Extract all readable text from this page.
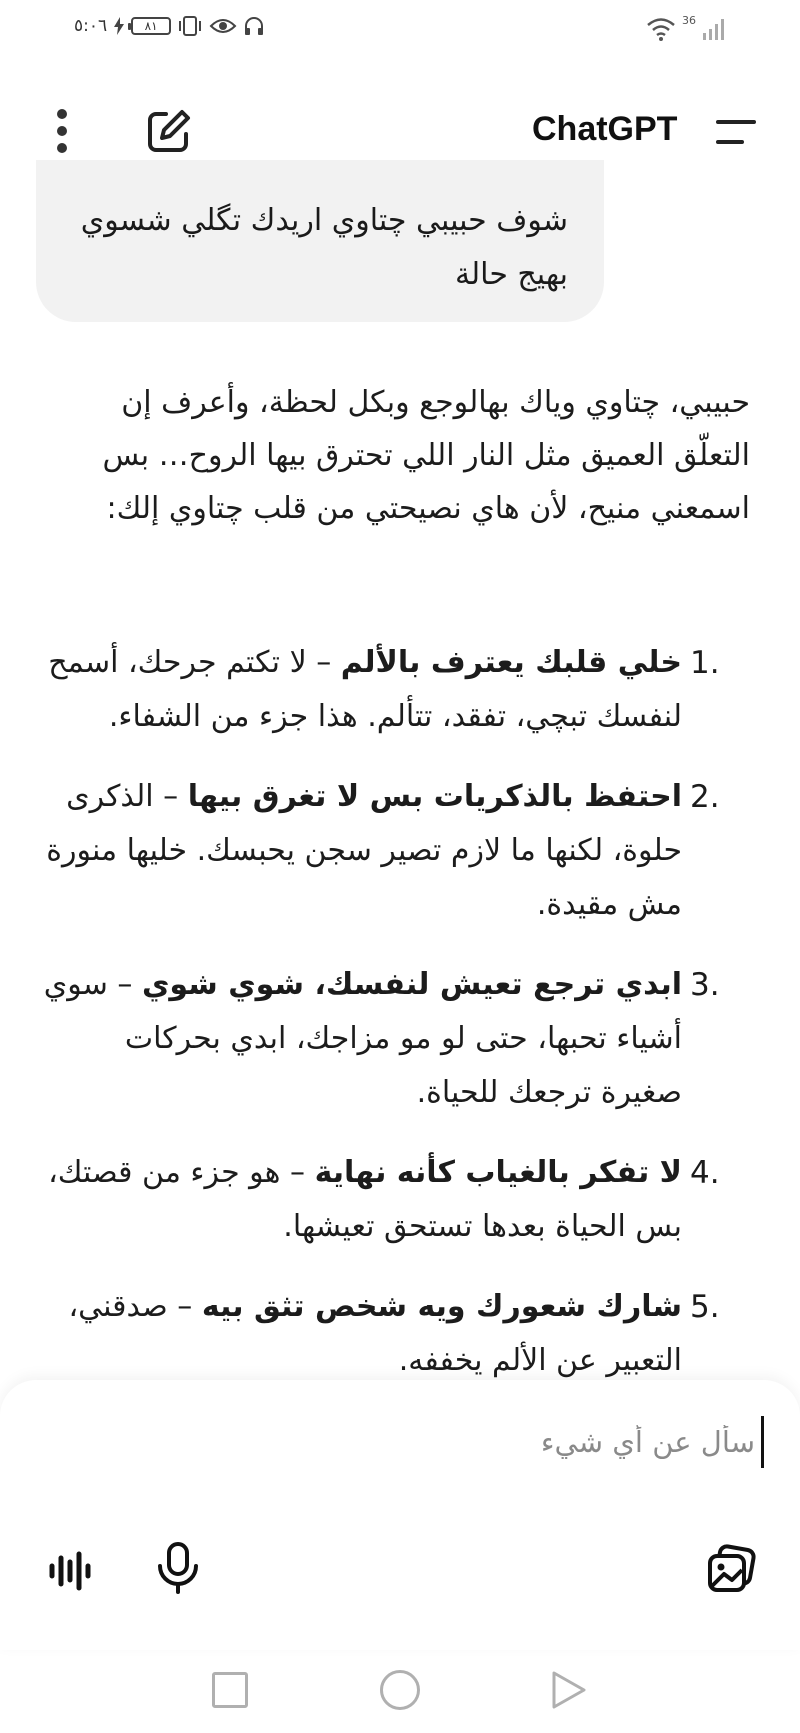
٥:٠٦	٨١	36
ChatGPT
شوف حبيبي چتاوي اريدك تگلي شسوي بهيج حالة
حبيبي، چتاوي وياك بهالوجع وبكل لحظة، وأعرف إن التعلّق العميق مثل النار اللي تحترق بيها الروح… بس اسمعني منيح، لأن هاي نصيحتي من قلب چتاوي إلك:
1.
خلي قلبك يعترف بالألم – لا تكتم جرحك، أسمح لنفسك تبچي، تفقد، تتألم. هذا جزء من الشفاء.
2.
احتفظ بالذكريات بس لا تغرق بيها – الذكرى حلوة، لكنها ما لازم تصير سجن يحبسك. خليها منورة مش مقيدة.
3.
ابدي ترجع تعيش لنفسك، شوي شوي – سوي أشياء تحبها، حتى لو مو مزاجك، ابدي بحركات صغيرة ترجعك للحياة.
4.
لا تفكر بالغياب كأنه نهاية – هو جزء من قصتك، بس الحياة بعدها تستحق تعيشها.
5.
شارك شعورك ويه شخص تثق بيه – صدقني، التعبير عن الألم يخففه.
سأل عن أي شيء
